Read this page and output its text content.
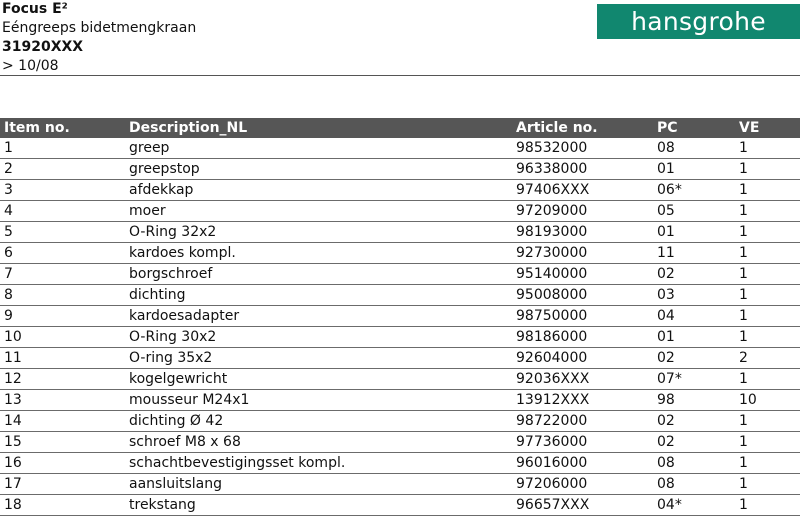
Focus E²
Eéngreeps bidetmengkraan
31920XXX
> 10/08
hansgrohe
Item no.	Description_NL	Article no.	PC	VE
1	greep	98532000	08	1
2	greepstop	96338000	01	1
3	afdekkap	97406XXX	06*	1
4	moer	97209000	05	1
5	O-Ring 32x2	98193000	01	1
6	kardoes kompl.	92730000	11	1
7	borgschroef	95140000	02	1
8	dichting	95008000	03	1
9	kardoesadapter	98750000	04	1
10	O-Ring 30x2	98186000	01	1
11	O-ring 35x2	92604000	02	2
12	kogelgewricht	92036XXX	07*	1
13	mousseur M24x1	13912XXX	98	10
14	dichting Ø 42	98722000	02	1
15	schroef M8 x 68	97736000	02	1
16	schachtbevestigingsset kompl.	96016000	08	1
17	aansluitslang	97206000	08	1
18	trekstang	96657XXX	04*	1
